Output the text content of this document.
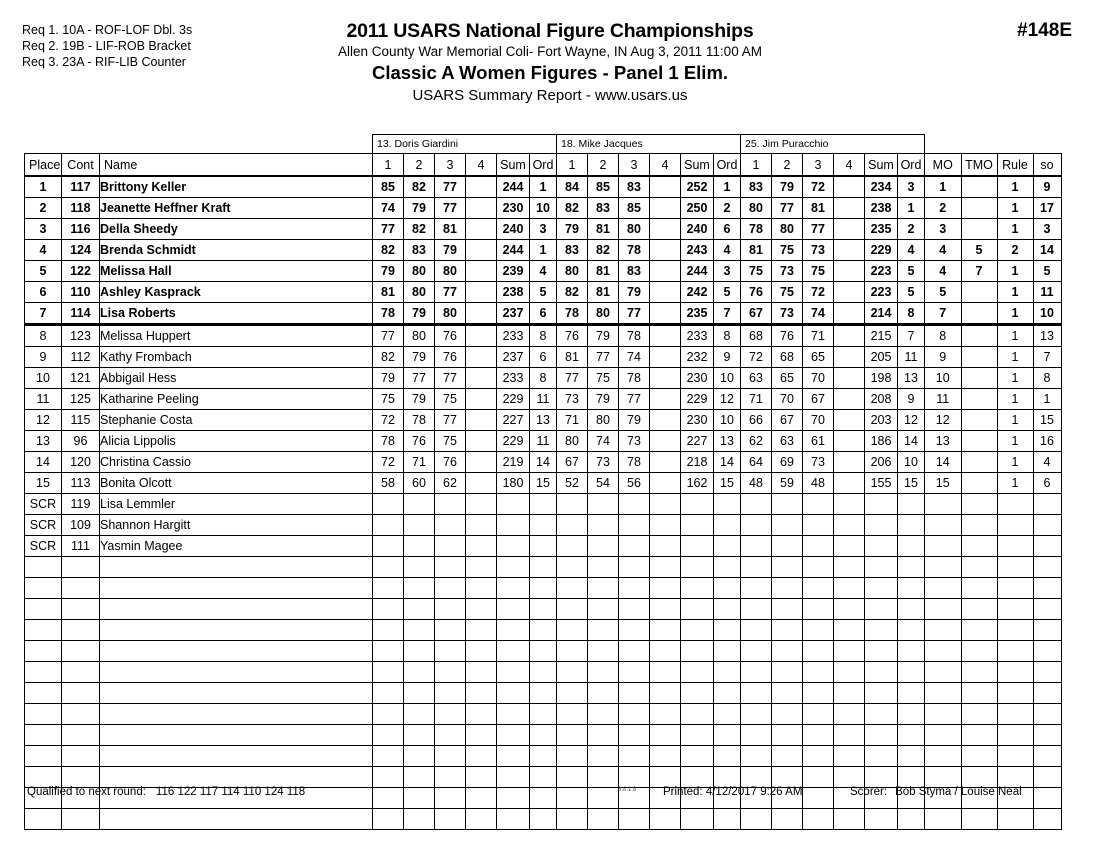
Req 1. 10A - ROF-LOF Dbl. 3s
Req 2. 19B - LIF-ROB Bracket
Req 3. 23A - RIF-LIB Counter
2011 USARS National Figure Championships
Allen County War Memorial Coli- Fort Wayne, IN Aug 3, 2011 11:00 AM
Classic A Women Figures - Panel 1 Elim.
USARS Summary Report - www.usars.us
#148E
			13. Doris Giardini						18. Mike Jacques						25. Jim Puracchio									
Place	Cont	Name	1	2	3	4	Sum	Ord	1	2	3	4	Sum	Ord	1	2	3	4	Sum	Ord	MO	TMO	Rule	so
1	117	Brittony Keller	85	82	77		244	1	84	85	83		252	1	83	79	72		234	3	1		1	9
2	118	Jeanette Heffner Kraft	74	79	77		230	10	82	83	85		250	2	80	77	81		238	1	2		1	17
3	116	Della Sheedy	77	82	81		240	3	79	81	80		240	6	78	80	77		235	2	3		1	3
4	124	Brenda Schmidt	82	83	79		244	1	83	82	78		243	4	81	75	73		229	4	4	5	2	14
5	122	Melissa Hall	79	80	80		239	4	80	81	83		244	3	75	73	75		223	5	4	7	1	5
6	110	Ashley Kasprack	81	80	77		238	5	82	81	79		242	5	76	75	72		223	5	5		1	11
7	114	Lisa Roberts	78	79	80		237	6	78	80	77		235	7	67	73	74		214	8	7		1	10
8	123	Melissa Huppert	77	80	76		233	8	76	79	78		233	8	68	76	71		215	7	8		1	13
9	112	Kathy Frombach	82	79	76		237	6	81	77	74		232	9	72	68	65		205	11	9		1	7
10	121	Abbigail Hess	79	77	77		233	8	77	75	78		230	10	63	65	70		198	13	10		1	8
11	125	Katharine Peeling	75	79	75		229	11	73	79	77		229	12	71	70	67		208	9	11		1	1
12	115	Stephanie Costa	72	78	77		227	13	71	80	79		230	10	66	67	70		203	12	12		1	15
13	96	Alicia Lippolis	78	76	75		229	11	80	74	73		227	13	62	63	61		186	14	13		1	16
14	120	Christina Cassio	72	71	76		219	14	67	73	78		218	14	64	69	73		206	10	14		1	4
15	113	Bonita Olcott	58	60	62		180	15	52	54	56		162	15	48	59	48		155	15	15		1	6
SCR	119	Lisa Lemmler																						
SCR	109	Shannon Hargitt																						
SCR	111	Yasmin Magee																						

Qualified to next round: 116 122 117 114 110 124 118	3.8.1.8 Printed: 4/12/2017 9:26 AM	Scorer: Bob Styma / Louise Neal
